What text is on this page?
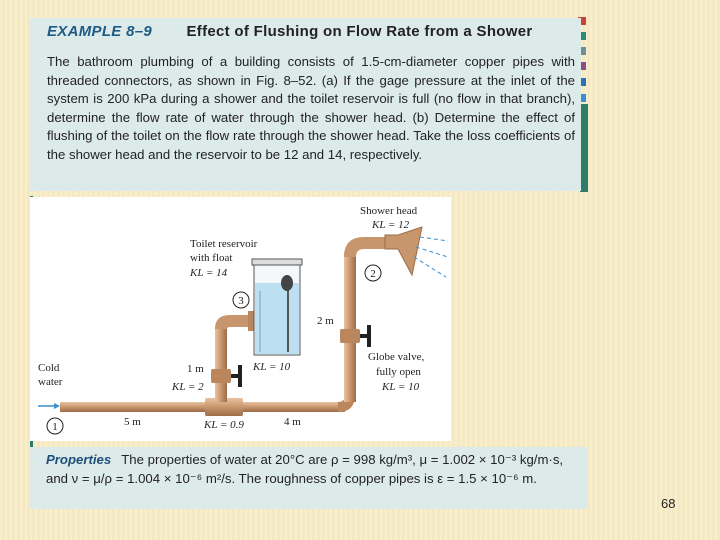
EXAMPLE 8–9 Effect of Flushing on Flow Rate from a Shower
The bathroom plumbing of a building consists of 1.5-cm-diameter copper pipes with threaded connectors, as shown in Fig. 8–52. (a) If the gage pressure at the inlet of the system is 200 kPa during a shower and the toilet reservoir is full (no flow in that branch), determine the flow rate of water through the shower head. (b) Determine the effect of flushing of the toilet on the flow rate through the shower head. Take the loss coefficients of the shower head and the reservoir to be 12 and 14, respectively.
1
2
3
Shower head
KL = 12
Toilet reservoir
with float
KL = 14
Cold
water
5 m	4 m
1 m
2 m
KL = 2
KL = 0.9
KL = 10
Globe valve,
fully open
KL = 10
Properties The properties of water at 20°C are ρ = 998 kg/m³, μ = 1.002 × 10⁻³ kg/m·s, and ν = μ/ρ = 1.004 × 10⁻⁶ m²/s. The roughness of copper pipes is ε = 1.5 × 10⁻⁶ m.
68
